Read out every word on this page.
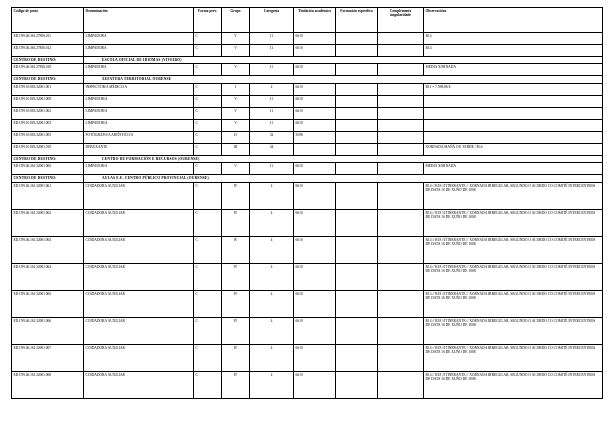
Código de posto	Denominación	Forma prev.	Grupo	Categoría	Titulación académica	Formación específica	Complemento singularidade	Observacións
ED.C99.46.361.27856.011	LIMPADORA	C	V	11	6610			R14
ED.C99.46.361.27856.012	LIMPADORA	C	V	11	6610			R14
CENTRO DE DESTINO:	ESCOLA OFICIAL DE IDIOMAS (VIVEIRO)							
ED.C99.46.361.27856.010	LIMPADORA	C	V	11	6610			MEDIA XORNADA
CENTRO DE DESTINO:	XEFATURA TERRITORIAL OURENSE							
ED.C99.10.003.32001.001	INSPECTOR/A MÉDICO/A	C	I	2	6610			R11 = 7.598,86 €.
ED.C99.10.003.32001.009	LIMPADOR/A	C	V	11	6610			
ED.C99.10.003.32001.002	LIMPADOR/A	C	V	11	6610			
ED.C99.10.003.32001.003	LIMPADOR/A	C	V	11	6610			
ED.C99.10.003.32001.005	FOTÓGRAFO/A ARTÍSTICO/A	C	II	32	3598			
ED.C99.10.003.32001.010	DEBUXANTE	C	III	34				XORNADA MAÑÁ OU TARDE / R14
CENTRO DE DESTINO:	CENTRO DE FORMACIÓN E RECURSOS (OURENSE)							
ED.C99.46.361.32001.065	LIMPADOR/A	C	V	11	6610			MEDIA XORNADA
CENTRO DE DESTINO:	AULAS E.E. CENTRO PÚBLICO PROVINCIAL (OURENSE)							
ED.C99.46.161.32001.061	COIDADORA AUXILIAR	C	IV	4	6610			R14 // R18 //ITINERANTE // XORNADA IRREGULAR, SEGUNDO O ACORDO CO COMITÉ INTERCENTROS DE DATA 16 DE XUÑO DE 1008.
ED.C99.46.161.32001.062	COIDADORA AUXILIAR	C	IV	4	6610			R14 // R18 //ITINERANTE // XORNADA IRREGULAR, SEGUNDO O ACORDO CO COMITÉ INTERCENTROS DE DATA 16 DE XUÑO DE 1008.
ED.C99.46.161.32001.063	COIDADORA AUXILIAR	C	IV	4	6610			R14 // R18 //ITINERANTE // XORNADA IRREGULAR, SEGUNDO O ACORDO CO COMITÉ INTERCENTROS DE DATA 16 DE XUÑO DE 1008.
ED.C99.46.161.32001.064	COIDADORA AUXILIAR	C	IV	4	6610			R14 // R18 //ITINERANTE // XORNADA IRREGULAR, SEGUNDO O ACORDO CO COMITÉ INTERCENTROS DE DATA 16 DE XUÑO DE 1008.
ED.C99.46.161.32001.065	COIDADORA AUXILIAR	C	IV	4	6610			R14 // R18 //ITINERANTE // XORNADA IRREGULAR, SEGUNDO O ACORDO CO COMITÉ INTERCENTROS DE DATA 16 DE XUÑO DE 1008.
ED.C99.46.161.32001.066	COIDADORA AUXILIAR	C	IV	4	6610			R14 // R18 //ITINERANTE // XORNADA IRREGULAR, SEGUNDO O ACORDO CO COMITÉ INTERCENTROS DE DATA 16 DE XUÑO DE 1008.
ED.C99.46.161.32001.067	COIDADORA AUXILIAR	C	IV	4	6610			R14 // R18 //ITINERANTE // XORNADA IRREGULAR, SEGUNDO O ACORDO CO COMITÉ INTERCENTROS DE DATA 16 DE XUÑO DE 1008.
ED.C99.46.161.32001.068	COIDADORA AUXILIAR	C	IV	4	6610			R14 // R18 //ITINERANTE // XORNADA IRREGULAR, SEGUNDO O ACORDO CO COMITÉ INTERCENTROS DE DATA 16 DE XUÑO DE 1008.
